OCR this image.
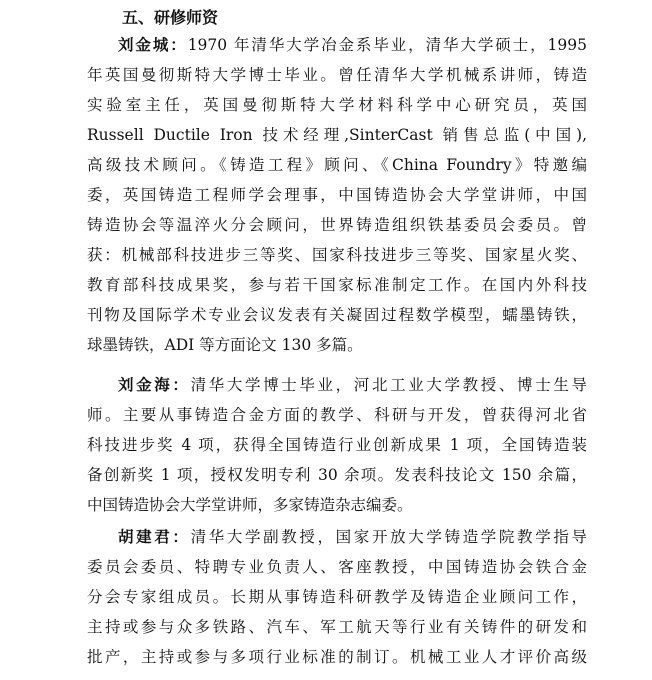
五、研修师资
刘金城：1970 年清华大学冶金系毕业，清华大学硕士，1995
年英国曼彻斯特大学博士毕业。曾任清华大学机械系讲师，铸造
实验室主任，英国曼彻斯特大学材料科学中心研究员，英国
Russell Ductile Iron 技术经理,SinterCast 销售总监(中国),
高级技术顾问。《铸造工程》顾问、《China Foundry》特邀编
委，英国铸造工程师学会理事，中国铸造协会大学堂讲师，中国
铸造协会等温淬火分会顾问，世界铸造组织铁基委员会委员。曾
获：机械部科技进步三等奖、国家科技进步三等奖、国家星火奖、
教育部科技成果奖，参与若干国家标准制定工作。在国内外科技
刊物及国际学术专业会议发表有关凝固过程数学模型，蠕墨铸铁，
球墨铸铁，ADI 等方面论文 130 多篇。
刘金海：清华大学博士毕业，河北工业大学教授、博士生导
师。主要从事铸造合金方面的教学、科研与开发，曾获得河北省
科技进步奖 4 项，获得全国铸造行业创新成果 1 项，全国铸造装
备创新奖 1 项，授权发明专利 30 余项。发表科技论文 150 余篇，
中国铸造协会大学堂讲师，多家铸造杂志编委。
胡建君：清华大学副教授，国家开放大学铸造学院教学指导
委员会委员、特聘专业负责人、客座教授，中国铸造协会铁合金
分会专家组成员。长期从事铸造科研教学及铸造企业顾问工作，
主持或参与众多铁路、汽车、军工航天等行业有关铸件的研发和
批产，主持或参与多项行业标准的制订。机械工业人才评价高级
